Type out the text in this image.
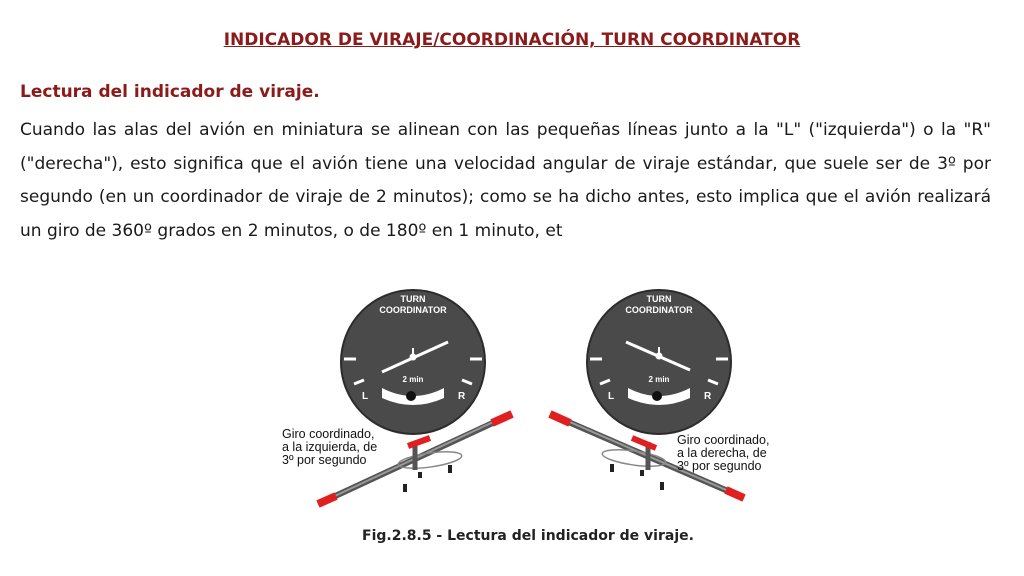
INDICADOR DE VIRAJE/COORDINACIÓN, TURN COORDINATOR
Lectura del indicador de viraje.
Cuando las alas del avión en miniatura se alinean con las pequeñas líneas junto a la "L" ("izquierda") o la "R" ("derecha"), esto significa que el avión tiene una velocidad angular de viraje estándar, que suele ser de 3º por segundo (en un coordinador de viraje de 2 minutos); como se ha dicho antes, esto implica que el avión realizará un giro de 360º grados en 2 minutos, o de 180º en 1 minuto, et
TURN
COORDINATOR
2 min
L	R
TURN
COORDINATOR
2 min
L	R
Giro coordinado,
a la izquierda, de
3º por segundo
Giro coordinado,
a la derecha, de
3º por segundo
Fig.2.8.5 - Lectura del indicador de viraje.
